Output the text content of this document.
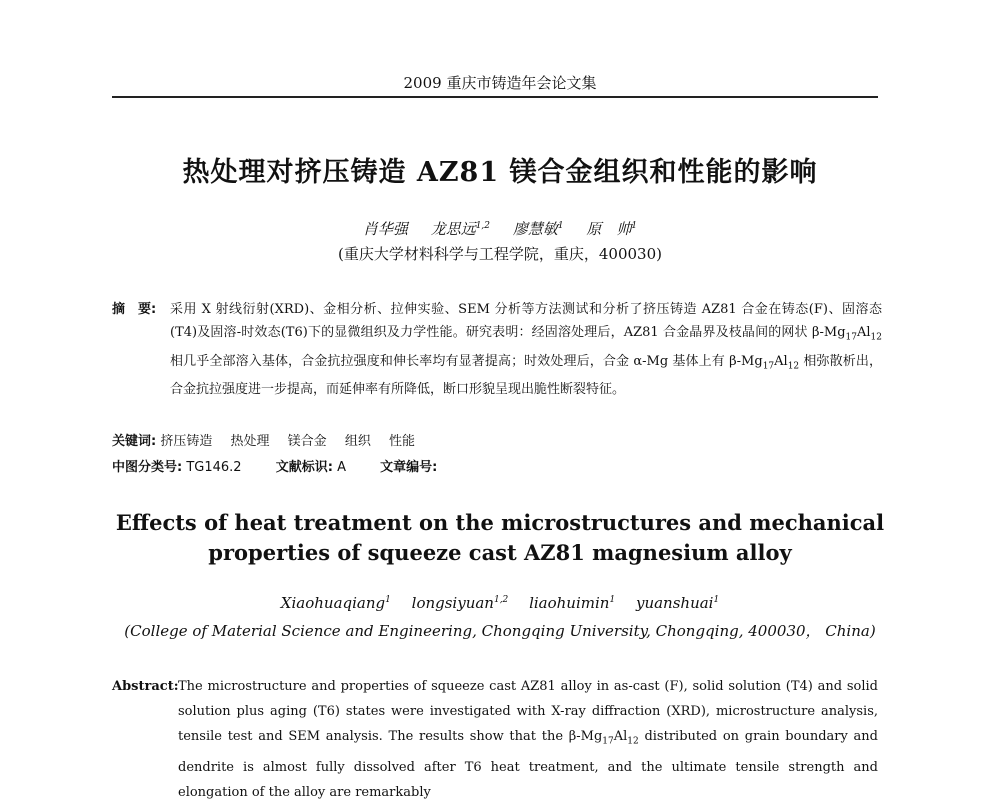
2009 重庆市铸造年会论文集
热处理对挤压铸造 AZ81 镁合金组织和性能的影响
肖华强 龙思远$^{1,2}$ 廖慧敏$^1$ 原　帅$^1$
(重庆大学材料科学与工程学院，重庆，400030)
摘　要: 采用 X 射线衍射(XRD)、金相分析、拉伸实验、SEM 分析等方法测试和分析了挤压铸造 AZ81 合金在铸态(F)、固溶态(T4)及固溶-时效态(T6)下的显微组织及力学性能。研究表明：经固溶处理后，AZ81 合金晶界及枝晶间的网状 $\beta-Mg_{17}Al_{12}$ 相几乎全部溶入基体，合金抗拉强度和伸长率均有显著提高；时效处理后，合金 α-Mg 基体上有 $\beta-Mg_{17}Al_{12}$ 相弥散析出，合金抗拉强度进一步提高，而延伸率有所降低，断口形貌呈现出脆性断裂特征。
关键词: 挤压铸造 热处理 镁合金 组织 性能
中图分类号: TG146.2	文献标识: A	文章编号:
Effects of heat treatment on the microstructures and mechanical
properties of squeeze cast AZ81 magnesium alloy
Xiaohuaqiang$^1$ longsiyuan$^{1,2}$ liaohuimin$^1$ yuanshuai$^1$
(College of Material Science and Engineering, Chongqing University, Chongqing, 400030， China)
Abstract: The microstructure and properties of squeeze cast AZ81 alloy in as-cast (F), solid solution (T4) and solid solution plus aging (T6) states were investigated with X-ray diffraction (XRD), microstructure analysis, tensile test and SEM analysis. The results show that the $\beta-Mg_{17}Al_{12}$ distributed on grain boundary and dendrite is almost fully dissolved after T6 heat treatment, and the ultimate tensile strength and elongation of the alloy are remarkably
